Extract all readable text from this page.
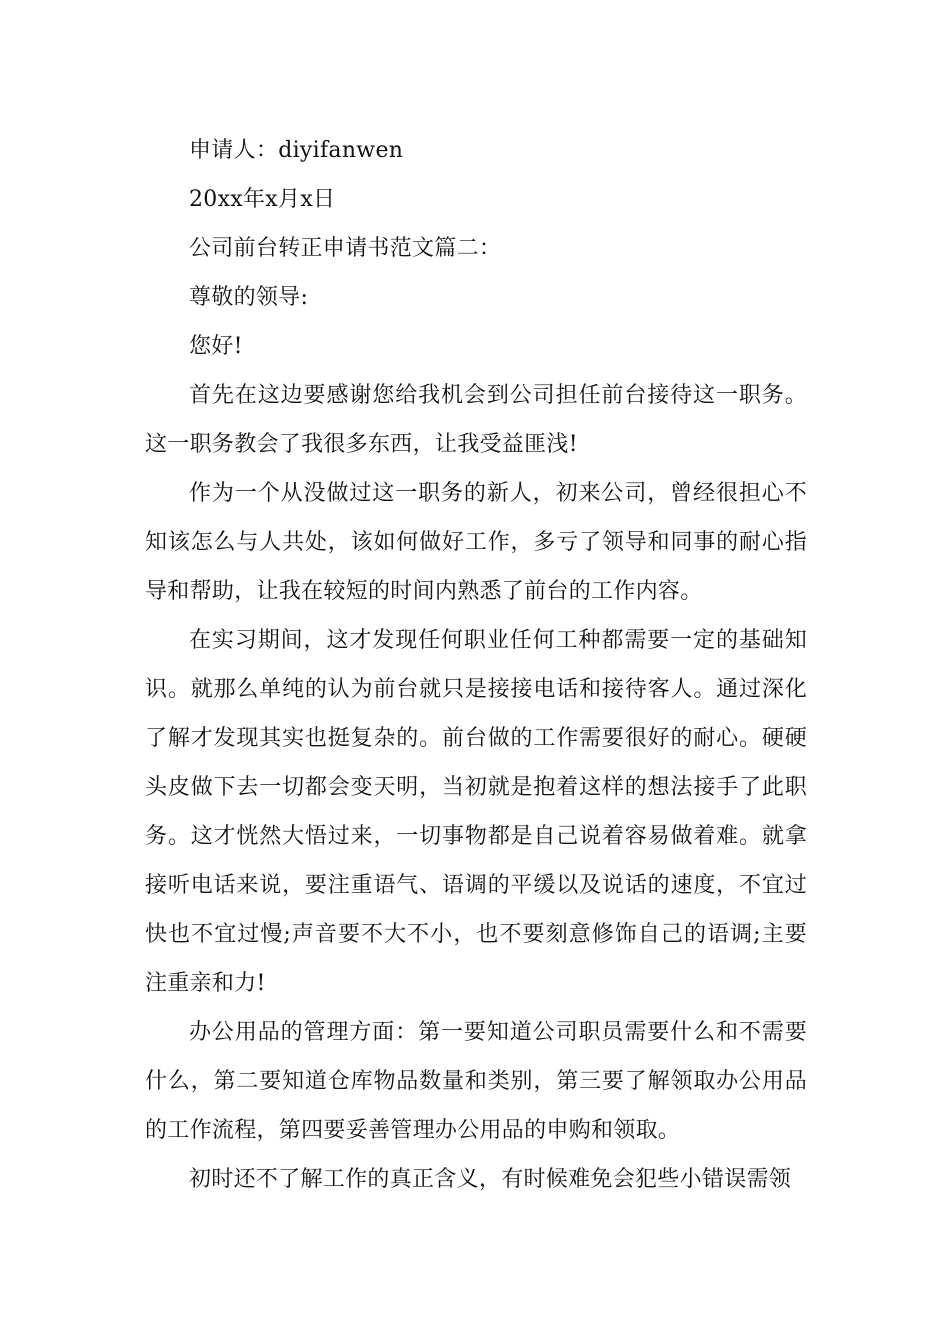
申请人：diyifanwen

20xx年x月x日

公司前台转正申请书范文篇二：

尊敬的领导:

您好!

首先在这边要感谢您给我机会到公司担任前台接待这一职务。这一职务教会了我很多东西，让我受益匪浅!

作为一个从没做过这一职务的新人，初来公司，曾经很担心不知该怎么与人共处，该如何做好工作，多亏了领导和同事的耐心指导和帮助，让我在较短的时间内熟悉了前台的工作内容。

在实习期间，这才发现任何职业任何工种都需要一定的基础知识。就那么单纯的认为前台就只是接接电话和接待客人。通过深化了解才发现其实也挺复杂的。前台做的工作需要很好的耐心。硬硬头皮做下去一切都会变天明，当初就是抱着这样的想法接手了此职务。这才恍然大悟过来，一切事物都是自己说着容易做着难。就拿接听电话来说，要注重语气、语调的平缓以及说话的速度，不宜过快也不宜过慢;声音要不大不小，也不要刻意修饰自己的语调;主要注重亲和力!

办公用品的管理方面：第一要知道公司职员需要什么和不需要什么，第二要知道仓库物品数量和类别，第三要了解领取办公用品的工作流程，第四要妥善管理办公用品的申购和领取。

初时还不了解工作的真正含义，有时候难免会犯些小错误需领
